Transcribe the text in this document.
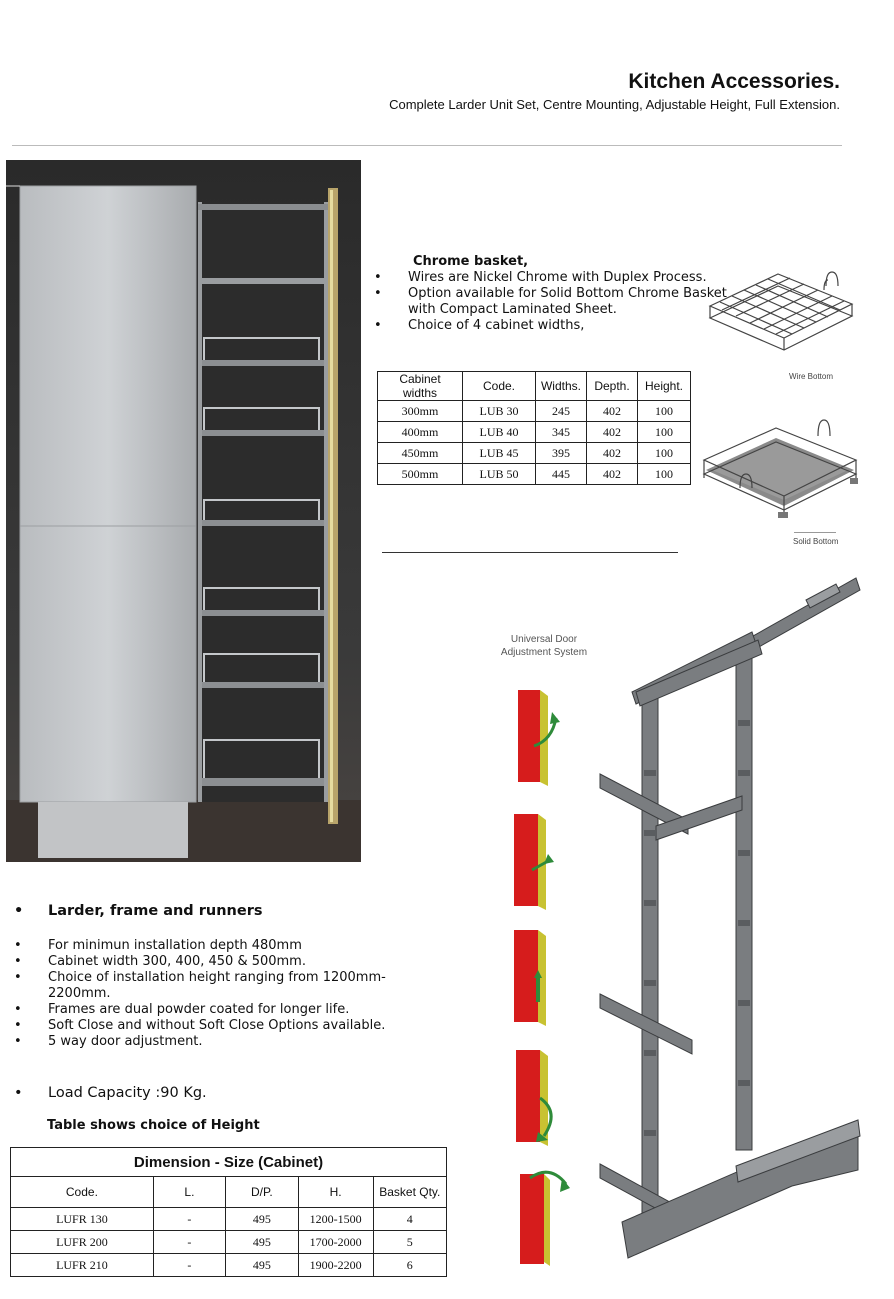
Kitchen Accessories.
Complete Larder Unit Set, Centre Mounting, Adjustable Height, Full Extension.
Chrome basket,
• Wires are Nickel Chrome with Duplex Process.
• Option available for Solid Bottom Chrome Basket with Compact Laminated Sheet.
• Choice of 4 cabinet widths,
Cabinet widths	Code.	Widths.	Depth.	Height.
300mm	LUB 30	245	402	100
400mm	LUB 40	345	402	100
450mm	LUB 45	395	402	100
500mm	LUB 50	445	402	100
Wire Bottom
Solid Bottom
Universal Door Adjustment System
• Larder, frame and runners
• For minimun installation depth 480mm
• Cabinet width 300, 400, 450 & 500mm.
• Choice of installation height ranging from 1200mm-2200mm.
• Frames are dual powder coated for longer life.
• Soft Close and without Soft Close Options available.
• 5 way door adjustment.
• Load Capacity :90 Kg.
Table shows choice of Height
Dimension - Size (Cabinet)				
Code.	L.	D/P.	H.	Basket Qty.
LUFR 130	-	495	1200-1500	4
LUFR 200	-	495	1700-2000	5
LUFR 210	-	495	1900-2200	6
